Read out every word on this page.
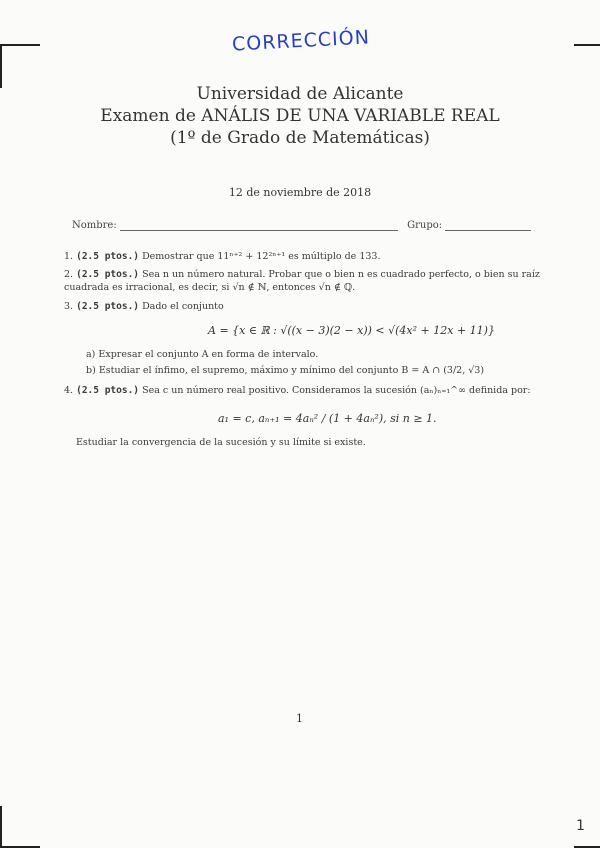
CORRECCIÓN
Universidad de Alicante
Examen de ANÁLIS DE UNA VARIABLE REAL
(1º de Grado de Matemáticas)
12 de noviembre de 2018
Nombre:	Grupo:
1. (2.5 ptos.) Demostrar que 11ⁿ⁺² + 12²ⁿ⁺¹ es múltiplo de 133.
2. (2.5 ptos.) Sea n un número natural. Probar que o bien n es cuadrado perfecto, o bien su raíz cuadrada es irracional, es decir, si √n ∉ ℕ, entonces √n ∉ ℚ.
3. (2.5 ptos.) Dado el conjunto
A = {x ∈ ℝ : √((x − 3)(2 − x)) < √(4x² + 12x + 11)}
a) Expresar el conjunto A en forma de intervalo.
b) Estudiar el ínfimo, el supremo, máximo y mínimo del conjunto B = A ∩ (3/2, √3)
4. (2.5 ptos.) Sea c un número real positivo. Consideramos la sucesión (aₙ)ₙ₌₁^∞ definida por:
a₁ = c, aₙ₊₁ = 4aₙ² / (1 + 4aₙ²), si n ≥ 1.
Estudiar la convergencia de la sucesión y su límite si existe.
1
1
